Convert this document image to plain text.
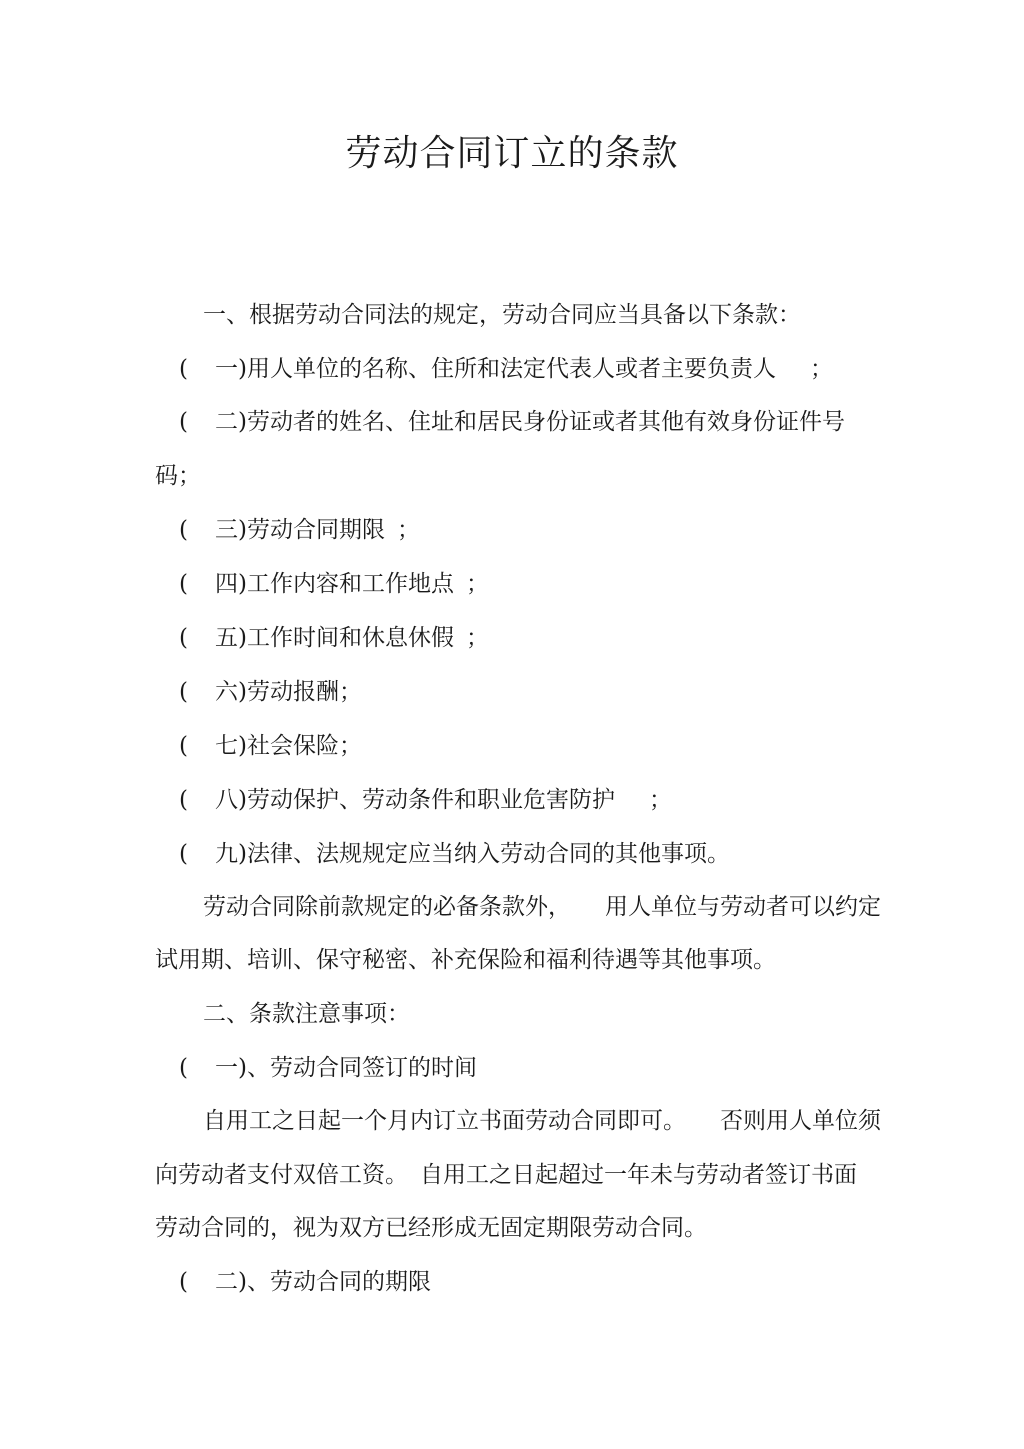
劳动合同订立的条款
一、根据劳动合同法的规定，劳动合同应当具备以下条款：
( 一)用人单位的名称、住所和法定代表人或者主要负责人 ；
( 二)劳动者的姓名、住址和居民身份证或者其他有效身份证件号
码；
( 三)劳动合同期限 ；
( 四)工作内容和工作地点 ；
( 五)工作时间和休息休假 ；
( 六)劳动报酬；
( 七)社会保险；
( 八)劳动保护、劳动条件和职业危害防护 ；
( 九)法律、法规规定应当纳入劳动合同的其他事项。
劳动合同除前款规定的必备条款外， 用人单位与劳动者可以约定
试用期、培训、保守秘密、补充保险和福利待遇等其他事项。
二、条款注意事项：
( 一)、劳动合同签订的时间
自用工之日起一个月内订立书面劳动合同即可。 否则用人单位须
向劳动者支付双倍工资。 自用工之日起超过一年未与劳动者签订书面
劳动合同的，视为双方已经形成无固定期限劳动合同。
( 二)、劳动合同的期限
